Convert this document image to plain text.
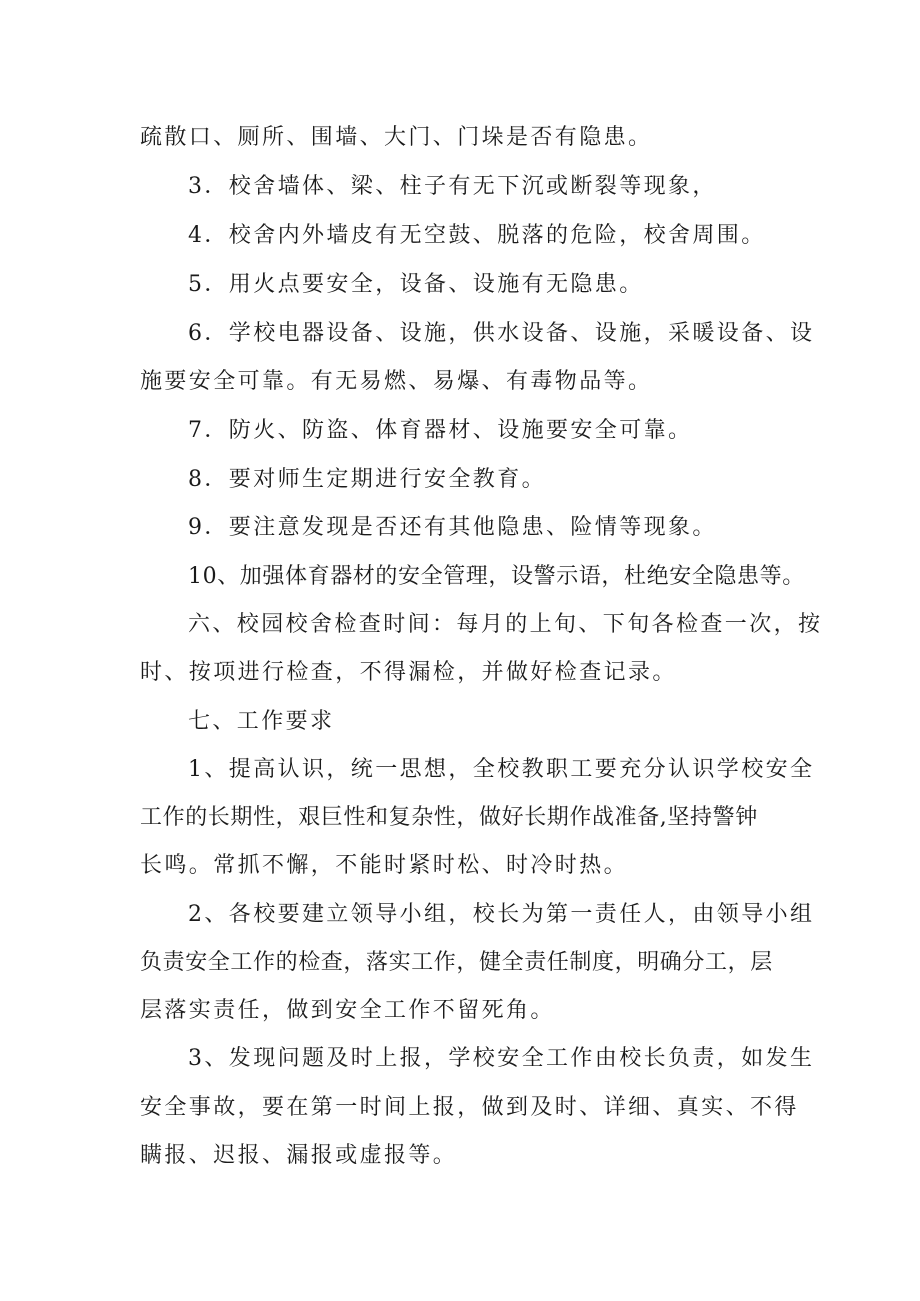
疏散口、厕所、围墙、大门、门垛是否有隐患。
3．校舍墙体、梁、柱子有无下沉或断裂等现象，
4．校舍内外墙皮有无空鼓、脱落的危险，校舍周围。
5．用火点要安全，设备、设施有无隐患。
6．学校电器设备、设施，供水设备、设施，采暖设备、设
施要安全可靠。有无易燃、易爆、有毒物品等。
7．防火、防盗、体育器材、设施要安全可靠。
8．要对师生定期进行安全教育。
9．要注意发现是否还有其他隐患、险情等现象。
10、加强体育器材的安全管理，设警示语，杜绝安全隐患等。
六、校园校舍检查时间：每月的上旬、下旬各检查一次，按
时、按项进行检查，不得漏检，并做好检查记录。
七、工作要求
1、提高认识，统一思想，全校教职工要充分认识学校安全
工作的长期性，艰巨性和复杂性，做好长期作战准备,坚持警钟
长鸣。常抓不懈，不能时紧时松、时冷时热。
2、各校要建立领导小组，校长为第一责任人，由领导小组
负责安全工作的检查，落实工作，健全责任制度，明确分工，层
层落实责任，做到安全工作不留死角。
3、发现问题及时上报，学校安全工作由校长负责，如发生
安全事故，要在第一时间上报，做到及时、详细、真实、不得
瞒报、迟报、漏报或虚报等。
